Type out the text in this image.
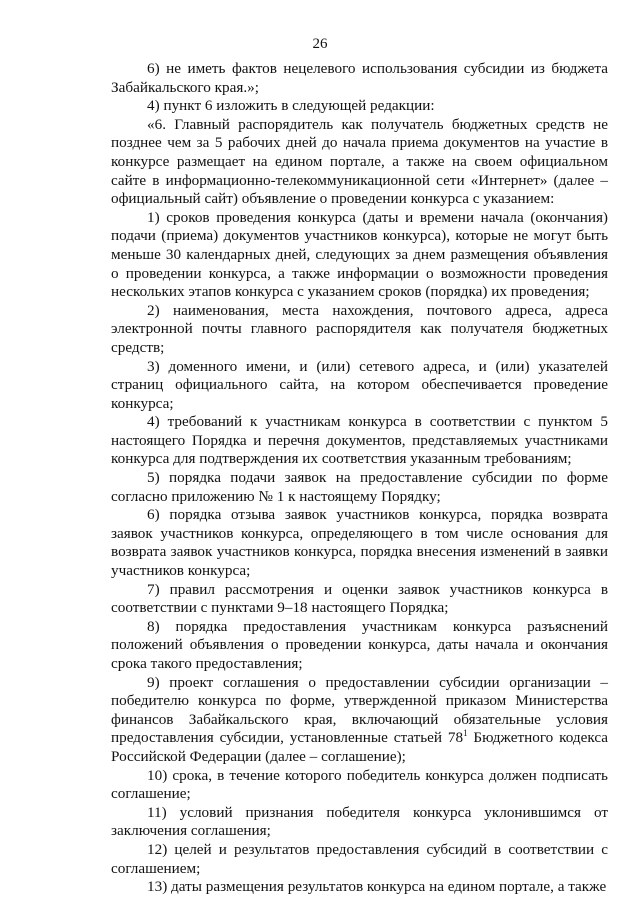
26

6) не иметь фактов нецелевого использования субсидии из бюджета Забайкальского края.»;

4) пункт 6 изложить в следующей редакции:

«6. Главный распорядитель как получатель бюджетных средств не позднее чем за 5 рабочих дней до начала приема документов на участие в конкурсе размещает на едином портале, а также на своем официальном сайте в информационно-телекоммуникационной сети «Интернет» (далее – официальный сайт) объявление о проведении конкурса с указанием:

1) сроков проведения конкурса (даты и времени начала (окончания) подачи (приема) документов участников конкурса), которые не могут быть меньше 30 календарных дней, следующих за днем размещения объявления о проведении конкурса, а также информации о возможности проведения нескольких этапов конкурса с указанием сроков (порядка) их проведения;

2) наименования, места нахождения, почтового адреса, адреса электронной почты главного распорядителя как получателя бюджетных средств;

3) доменного имени, и (или) сетевого адреса, и (или) указателей страниц официального сайта, на котором обеспечивается проведение конкурса;

4) требований к участникам конкурса в соответствии с пунктом 5 настоящего Порядка и перечня документов, представляемых участниками конкурса для подтверждения их соответствия указанным требованиям;

5) порядка подачи заявок на предоставление субсидии по форме согласно приложению № 1 к настоящему Порядку;

6) порядка отзыва заявок участников конкурса, порядка возврата заявок участников конкурса, определяющего в том числе основания для возврата заявок участников конкурса, порядка внесения изменений в заявки участников конкурса;

7) правил рассмотрения и оценки заявок участников конкурса в соответствии с пунктами 9–18 настоящего Порядка;

8) порядка предоставления участникам конкурса разъяснений положений объявления о проведении конкурса, даты начала и окончания срока такого предоставления;

9) проект соглашения о предоставлении субсидии организации – победителю конкурса по форме, утвержденной приказом Министерства финансов Забайкальского края, включающий обязательные условия предоставления субсидии, установленные статьей $78^1$ Бюджетного кодекса Российской Федерации (далее – соглашение);

10) срока, в течение которого победитель конкурса должен подписать соглашение;

11) условий признания победителя конкурса уклонившимся от заключения соглашения;

12) целей и результатов предоставления субсидий в соответствии с соглашением;

13) даты размещения результатов конкурса на едином портале, а также
